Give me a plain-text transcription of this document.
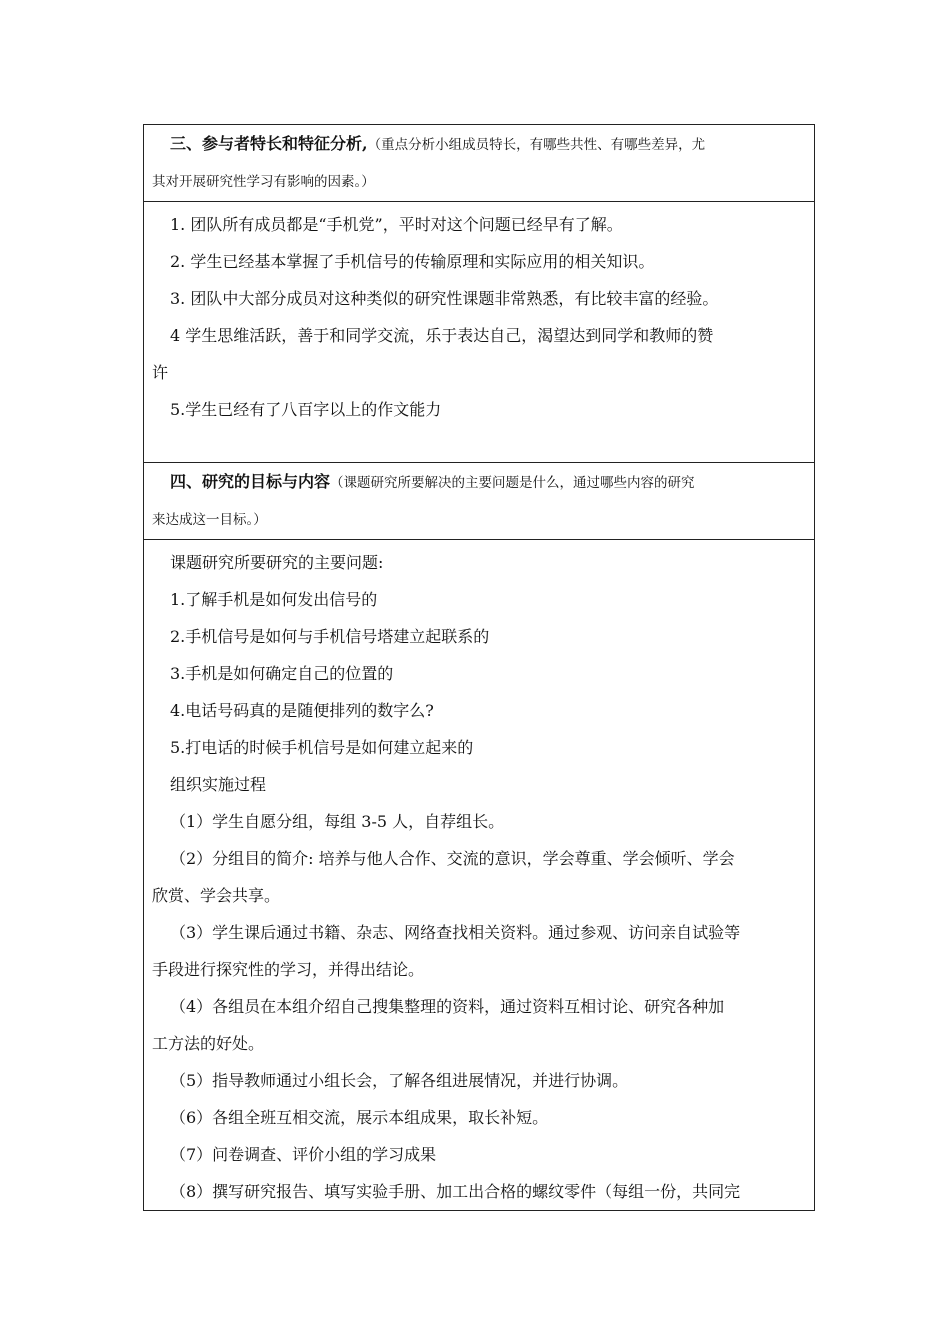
三、参与者特长和特征分析,（重点分析小组成员特长，有哪些共性、有哪些差异，尤
其对开展研究性学习有影响的因素。）

1. 团队所有成员都是“手机党”，平时对这个问题已经早有了解。
2. 学生已经基本掌握了手机信号的传输原理和实际应用的相关知识。
3. 团队中大部分成员对这种类似的研究性课题非常熟悉，有比较丰富的经验。
4 学生思维活跃，善于和同学交流，乐于表达自己，渴望达到同学和教师的赞
许
5.学生已经有了八百字以上的作文能力

四、研究的目标与内容（课题研究所要解决的主要问题是什么，通过哪些内容的研究
来达成这一目标。）

课题研究所要研究的主要问题:
1.了解手机是如何发出信号的
2.手机信号是如何与手机信号塔建立起联系的
3.手机是如何确定自己的位置的
4.电话号码真的是随便排列的数字么?
5.打电话的时候手机信号是如何建立起来的
组织实施过程
（1）学生自愿分组，每组 3-5 人，自荐组长。
（2）分组目的简介: 培养与他人合作、交流的意识，学会尊重、学会倾听、学会
欣赏、学会共享。
（3）学生课后通过书籍、杂志、网络查找相关资料。通过参观、访问亲自试验等
手段进行探究性的学习，并得出结论。
（4）各组员在本组介绍自己搜集整理的资料，通过资料互相讨论、研究各种加
工方法的好处。
（5）指导教师通过小组长会，了解各组进展情况，并进行协调。
（6）各组全班互相交流，展示本组成果，取长补短。
（7）问卷调查、评价小组的学习成果
（8）撰写研究报告、填写实验手册、加工出合格的螺纹零件（每组一份，共同完
